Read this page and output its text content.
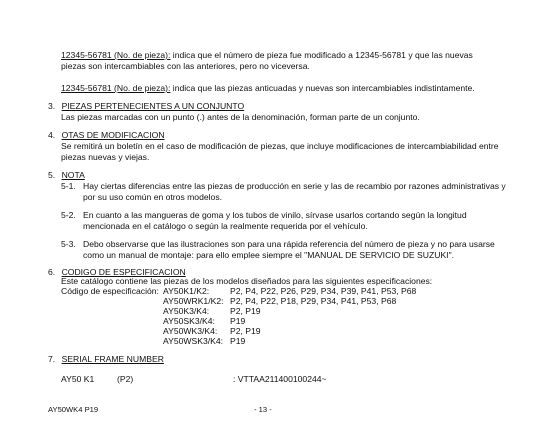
12345-56781 (No. de pieza): indica que el número de pieza fue modificado a 12345-56781 y que las nuevas
piezas son intercambiables con las anteriores, pero no viceversa.
12345-56781 (No. de pieza): indica que las piezas anticuadas y nuevas son intercambiables indistintamente.
3. PIEZAS PERTENECIENTES A UN CONJUNTO
Las piezas marcadas con un punto (.) antes de la denominación, forman parte de un conjunto.
4. OTAS DE MODIFICACION
Se remitirá un boletín en el caso de modificación de piezas, que incluye modificaciones de intercambiabilidad entre
piezas nuevas y viejas.
5. NOTA
5-1. Hay ciertas diferencias entre las piezas de producción en serie y las de recambio por razones administrativas y
por su uso común en otros modelos.
5-2. En cuanto a las mangueras de goma y los tubos de vinilo, sírvase usarlos cortando según la longitud
mencionada en el catálogo o según la realmente requerida por el vehículo.
5-3. Debo observarse que las ilustraciones son para una rápida referencia del número de pieza y no para usarse
como un manual de montaje: para ello emplee siempre el "MANUAL DE SERVICIO DE SUZUKI".
6. CODIGO DE ESPECIFICACION
Este catálogo contiene las piezas de los modelos diseñados para las siguientes especificaciones:
Código de especificación: AY50K1/K2: P2, P4, P22, P26, P29, P34, P39, P41, P53, P68
AY50WRK1/K2: P2, P4, P22, P18, P29, P34, P41, P53, P68
AY50K3/K4: P2, P19
AY50SK3/K4: P19
AY50WK3/K4: P2, P19
AY50WSK3/K4: P19
7. SERIAL FRAME NUMBER
AY50 K1	(P2)	: VTTAA211400100244~
AY50WK4 P19	- 13 -
